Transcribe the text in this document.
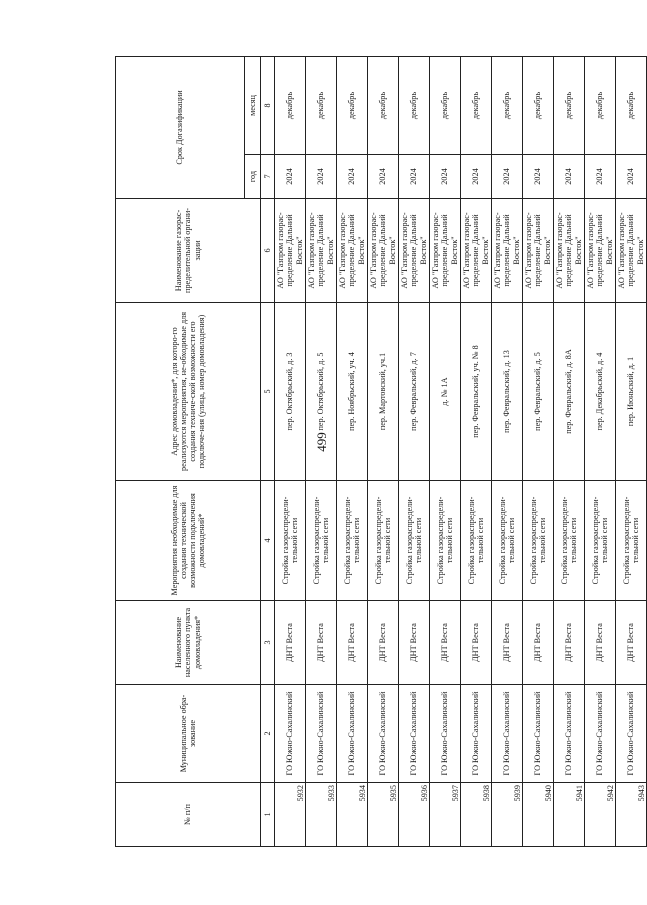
499
№ п/п	Муниципальное обра-зование	Наименование населенного пункта домовладения*	Мероприятия необходимые для создания технической возможности подключения домовладений*	Адрес домовладения*, для которо-го реализуются мероприятия, не-обходимые для создания техниче-ской возможности его подключе-ния (улица, номер домовладения)	Наименование газорас-пределительной органи-зации	Срок Догазификации	
						год	месяц
1	2	3	4	5	6	7	8
5932	ГО Южно-Сахалинский	ДНТ Веста	Стройка газораспредели-тельной сети	пер. Октябрьский, д. 3	АО "Газпром газорас-пределение Дальний Восток"	2024	декабрь
5933	ГО Южно-Сахалинский	ДНТ Веста	Стройка газораспредели-тельной сети	пер. Октябрьский, д. 5	АО "Газпром газорас-пределение Дальний Восток"	2024	декабрь
5934	ГО Южно-Сахалинский	ДНТ Веста	Стройка газораспредели-тельной сети	пер. Ноябрьский, уч. 4	АО "Газпром газорас-пределение Дальний Восток"	2024	декабрь
5935	ГО Южно-Сахалинский	ДНТ Веста	Стройка газораспредели-тельной сети	пер. Мартовский, уч.1	АО "Газпром газорас-пределение Дальний Восток"	2024	декабрь
5936	ГО Южно-Сахалинский	ДНТ Веста	Стройка газораспредели-тельной сети	пер. Февральский, д. 7	АО "Газпром газорас-пределение Дальний Восток"	2024	декабрь
5937	ГО Южно-Сахалинский	ДНТ Веста	Стройка газораспредели-тельной сети	д. № 1А	АО "Газпром газорас-пределение Дальний Восток"	2024	декабрь
5938	ГО Южно-Сахалинский	ДНТ Веста	Стройка газораспредели-тельной сети	пер. Февральский, уч. № 8	АО "Газпром газорас-пределение Дальний Восток"	2024	декабрь
5939	ГО Южно-Сахалинский	ДНТ Веста	Стройка газораспредели-тельной сети	пер. Февральский, д. 13	АО "Газпром газорас-пределение Дальний Восток"	2024	декабрь
5940	ГО Южно-Сахалинский	ДНТ Веста	Стройка газораспредели-тельной сети	пер. Февральский, д. 5	АО "Газпром газорас-пределение Дальний Восток"	2024	декабрь
5941	ГО Южно-Сахалинский	ДНТ Веста	Стройка газораспредели-тельной сети	пер. Февральский, д. 8А	АО "Газпром газорас-пределение Дальний Восток"	2024	декабрь
5942	ГО Южно-Сахалинский	ДНТ Веста	Стройка газораспредели-тельной сети	пер. Декабрьский, д. 4	АО "Газпром газорас-пределение Дальний Восток"	2024	декабрь
5943	ГО Южно-Сахалинский	ДНТ Веста	Стройка газораспредели-тельной сети	пер. Июньский, д. 1	АО "Газпром газорас-пределение Дальний Восток"	2024	декабрь
